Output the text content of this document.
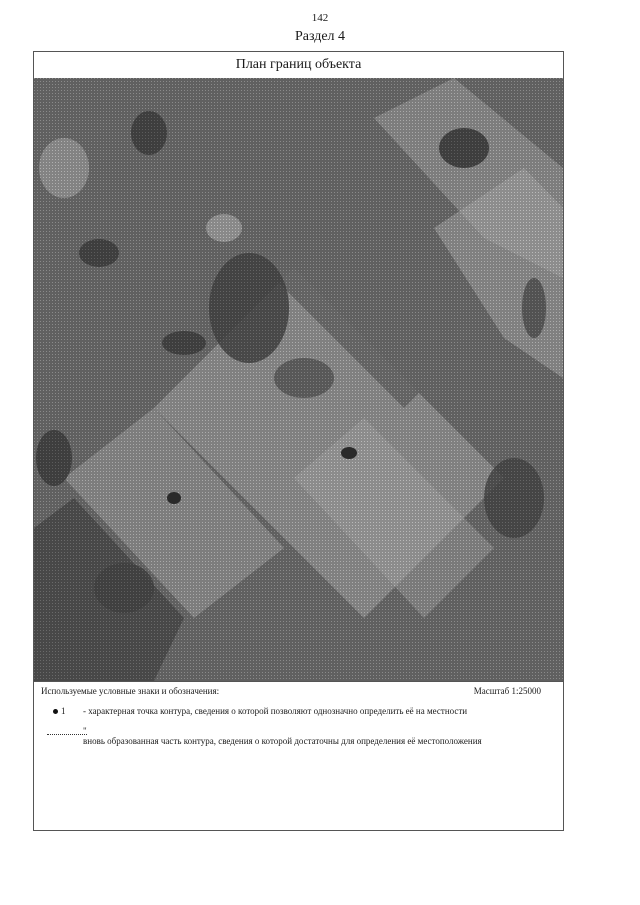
142
Раздел 4
План границ объекта
Используемые условные знаки и обозначения:	Масштаб 1:25000
1	- характерная точка контура, сведения о которой позволяют однозначно определить её на местности
"
вновь образованная часть контура, сведения о которой достаточны для определения её местоположения
